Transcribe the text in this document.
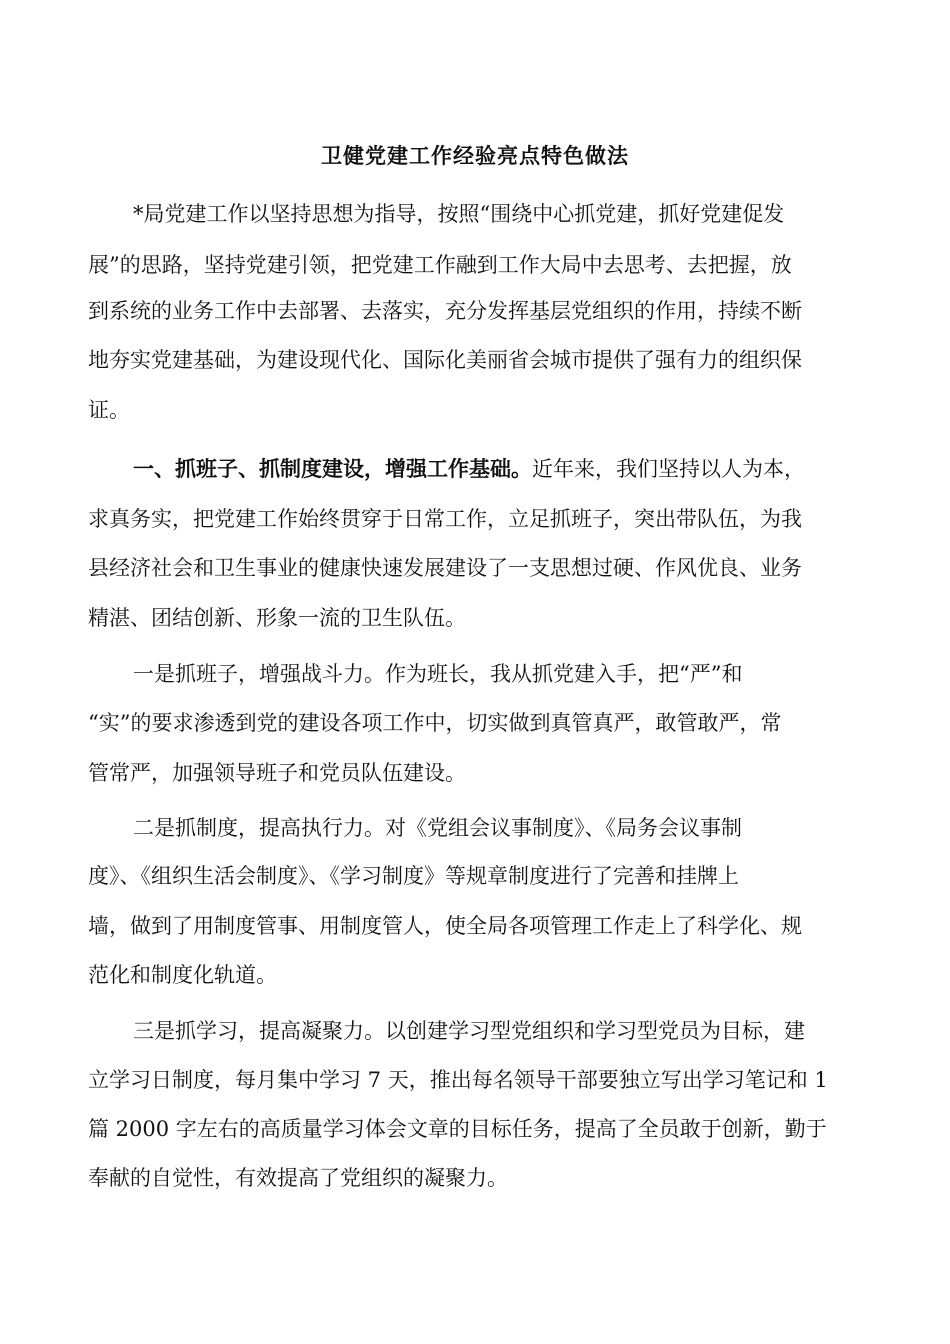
卫健党建工作经验亮点特色做法
*局党建工作以坚持思想为指导，按照“围绕中心抓党建，抓好党建促发
展”的思路，坚持党建引领，把党建工作融到工作大局中去思考、去把握，放
到系统的业务工作中去部署、去落实，充分发挥基层党组织的作用，持续不断
地夯实党建基础，为建设现代化、国际化美丽省会城市提供了强有力的组织保
证。
一、抓班子、抓制度建设，增强工作基础。近年来，我们坚持以人为本，
求真务实，把党建工作始终贯穿于日常工作，立足抓班子，突出带队伍，为我
县经济社会和卫生事业的健康快速发展建设了一支思想过硬、作风优良、业务
精湛、团结创新、形象一流的卫生队伍。
一是抓班子，增强战斗力。作为班长，我从抓党建入手，把“严”和
“实”的要求渗透到党的建设各项工作中，切实做到真管真严，敢管敢严，常
管常严，加强领导班子和党员队伍建设。
二是抓制度，提高执行力。对《党组会议事制度》、《局务会议事制
度》、《组织生活会制度》、《学习制度》等规章制度进行了完善和挂牌上
墙，做到了用制度管事、用制度管人，使全局各项管理工作走上了科学化、规
范化和制度化轨道。
三是抓学习，提高凝聚力。以创建学习型党组织和学习型党员为目标，建
立学习日制度，每月集中学习 7 天，推出每名领导干部要独立写出学习笔记和 1
篇 2000 字左右的高质量学习体会文章的目标任务，提高了全员敢于创新，勤于
奉献的自觉性，有效提高了党组织的凝聚力。
